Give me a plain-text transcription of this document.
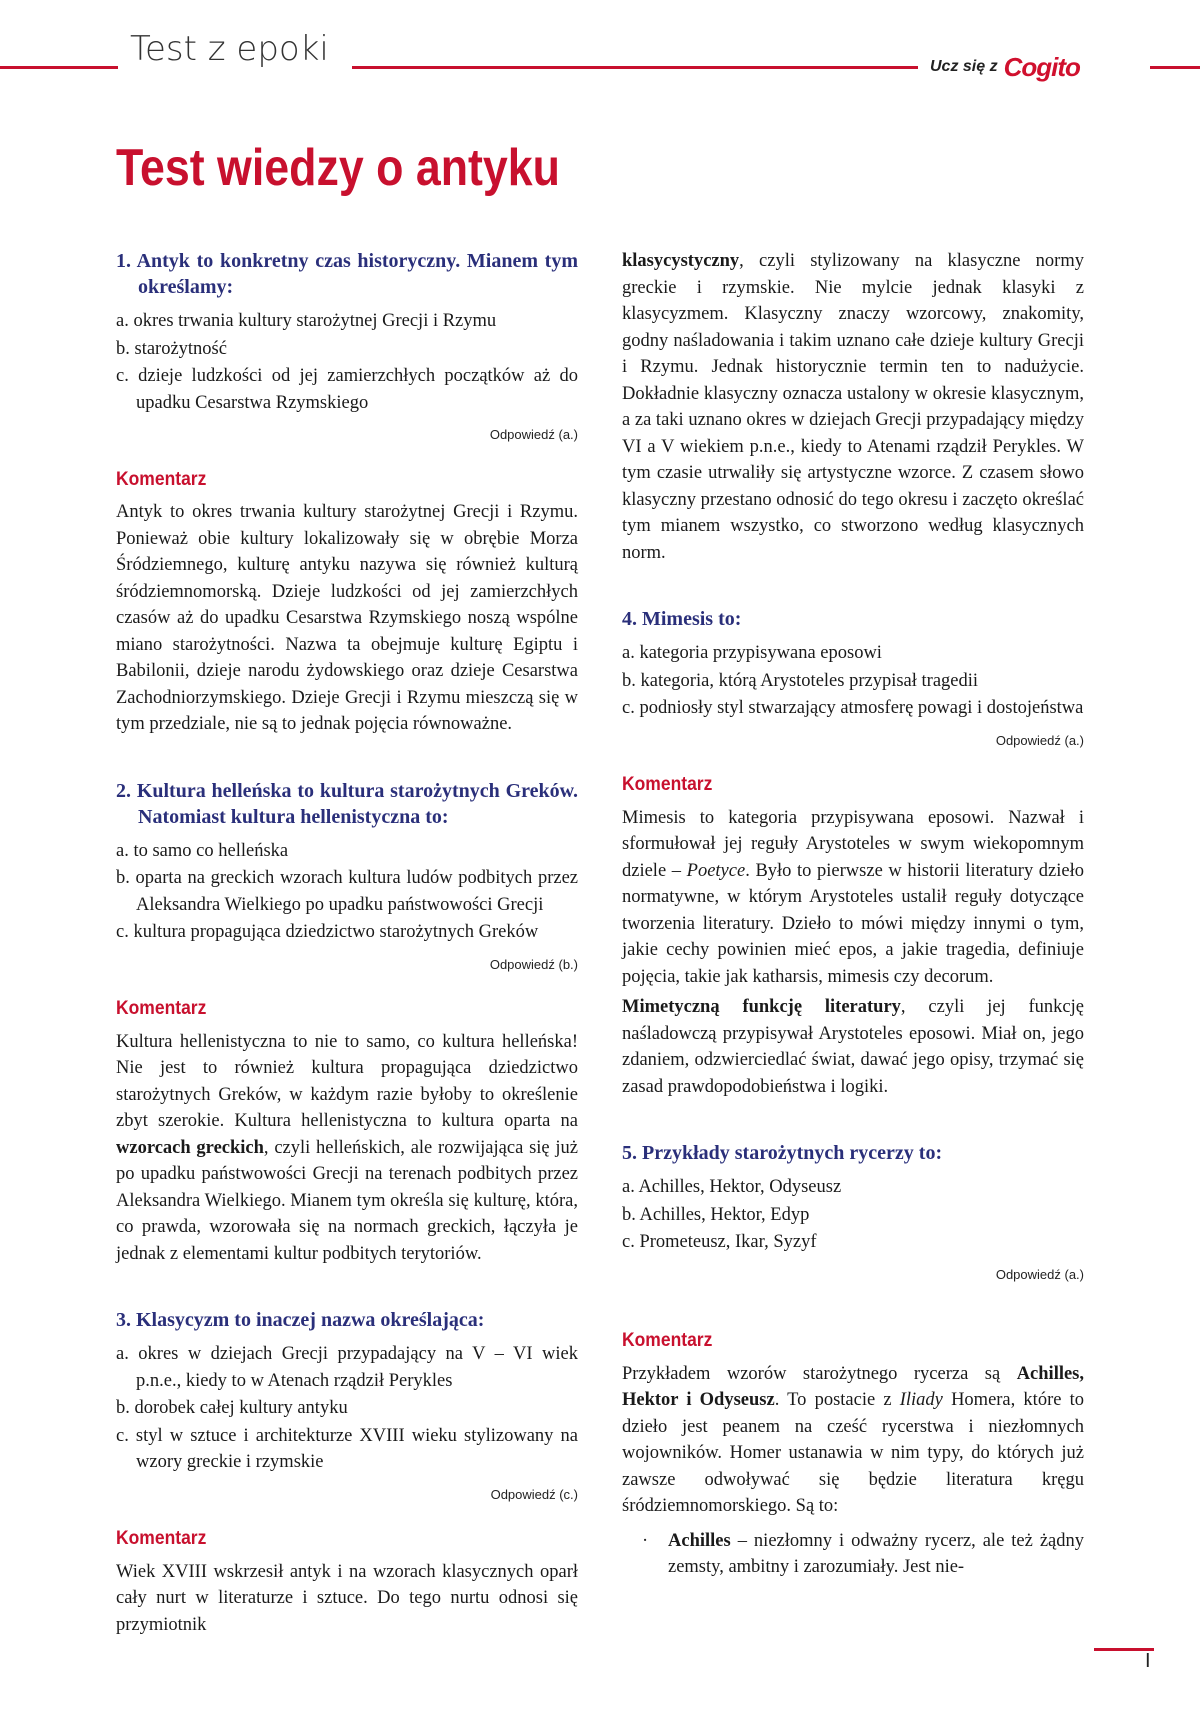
Test z epoki	Ucz się z Cogito
Test wiedzy o antyku

1. Antyk to konkretny czas historyczny. Mianem tym określamy:

a. okres trwania kultury starożytnej Grecji i Rzymu
b. starożytność
c. dzieje ludzkości od jej zamierzchłych początków aż do upadku Cesarstwa Rzymskiego
Odpowiedź (a.)
Komentarz

Antyk to okres trwania kultury starożytnej Grecji i Rzymu. Ponieważ obie kultury lokalizowały się w obrębie Morza Śródziemnego, kulturę antyku nazywa się również kulturą śródziemnomorską. Dzieje ludzkości od jej zamierzchłych czasów aż do upadku Cesarstwa Rzymskiego noszą wspólne miano starożytności. Nazwa ta obejmuje kulturę Egiptu i Babilonii, dzieje narodu żydowskiego oraz dzieje Cesarstwa Zachodniorzymskiego. Dzieje Grecji i Rzymu mieszczą się w tym przedziale, nie są to jednak pojęcia równoważne.

2. Kultura helleńska to kultura starożytnych Greków. Natomiast kultura hellenistyczna to:

a. to samo co helleńska
b. oparta na greckich wzorach kultura ludów podbitych przez Aleksandra Wielkiego po upadku państwowości Grecji
c. kultura propagująca dziedzictwo starożytnych Greków
Odpowiedź (b.)
Komentarz

Kultura hellenistyczna to nie to samo, co kultura helleńska! Nie jest to również kultura propagująca dziedzictwo starożytnych Greków, w każdym razie byłoby to określenie zbyt szerokie. Kultura hellenistyczna to kultura oparta na wzorcach greckich, czyli helleńskich, ale rozwijająca się już po upadku państwowości Grecji na terenach podbitych przez Aleksandra Wielkiego. Mianem tym określa się kulturę, która, co prawda, wzorowała się na normach greckich, łączyła je jednak z elementami kultur podbitych terytoriów.

3. Klasycyzm to inaczej nazwa określająca:

a. okres w dziejach Grecji przypadający na V – VI wiek p.n.e., kiedy to w Atenach rządził Perykles
b. dorobek całej kultury antyku
c. styl w sztuce i architekturze XVIII wieku stylizowany na wzory greckie i rzymskie
Odpowiedź (c.)
Komentarz

Wiek XVIII wskrzesił antyk i na wzorach klasycznych oparł cały nurt w literaturze i sztuce. Do tego nurtu odnosi się przymiotnik

klasycystyczny, czyli stylizowany na klasyczne normy greckie i rzymskie. Nie mylcie jednak klasyki z klasycyzmem. Klasyczny znaczy wzorcowy, znakomity, godny naśladowania i takim uznano całe dzieje kultury Grecji i Rzymu. Jednak historycznie termin ten to nadużycie. Dokładnie klasyczny oznacza ustalony w okresie klasycznym, a za taki uznano okres w dziejach Grecji przypadający między VI a V wiekiem p.n.e., kiedy to Atenami rządził Perykles. W tym czasie utrwaliły się artystyczne wzorce. Z czasem słowo klasyczny przestano odnosić do tego okresu i zaczęto określać tym mianem wszystko, co stworzono według klasycznych norm.

4. Mimesis to:

a. kategoria przypisywana eposowi
b. kategoria, którą Arystoteles przypisał tragedii
c. podniosły styl stwarzający atmosferę powagi i dostojeństwa
Odpowiedź (a.)
Komentarz

Mimesis to kategoria przypisywana eposowi. Nazwał i sformułował jej reguły Arystoteles w swym wiekopomnym dziele – Poetyce. Było to pierwsze w historii literatury dzieło normatywne, w którym Arystoteles ustalił reguły dotyczące tworzenia literatury. Dzieło to mówi między innymi o tym, jakie cechy powinien mieć epos, a jakie tragedia, definiuje pojęcia, takie jak katharsis, mimesis czy decorum.

Mimetyczną funkcję literatury, czyli jej funkcję naśladowczą przypisywał Arystoteles eposowi. Miał on, jego zdaniem, odzwierciedlać świat, dawać jego opisy, trzymać się zasad prawdopodobieństwa i logiki.

5. Przykłady starożytnych rycerzy to:

a. Achilles, Hektor, Odyseusz
b. Achilles, Hektor, Edyp
c. Prometeusz, Ikar, Syzyf
Odpowiedź (a.)
Komentarz

Przykładem wzorów starożytnego rycerza są Achilles, Hektor i Odyseusz. To postacie z Iliady Homera, które to dzieło jest peanem na cześć rycerstwa i niezłomnych wojowników. Homer ustanawia w nim typy, do których już zawsze odwoływać się będzie literatura kręgu śródziemnomorskiego. Są to:

· Achilles – niezłomny i odważny rycerz, ale też żądny zemsty, ambitny i zarozumiały. Jest nie-
I
